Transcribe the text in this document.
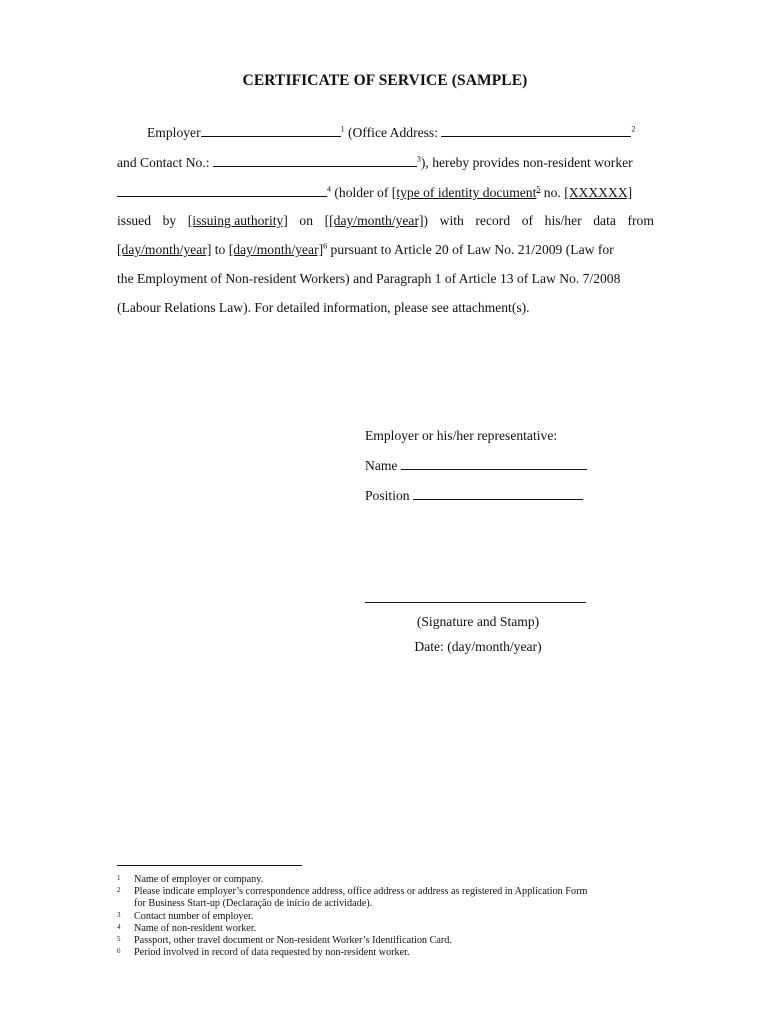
CERTIFICATE OF SERVICE (SAMPLE)
Employer	$^1$ (Office Address:	$^2$
and Contact No.:	$^3$), hereby provides non-resident worker
$^4$ (holder of [type of identity document$^5$ no. [XXXXXX]
issued by [issuing authority] on [[day/month/year]) with record of his/her data from
[day/month/year] to [day/month/year]$^6$ pursuant to Article 20 of Law No. 21/2009 (Law for
the Employment of Non-resident Workers) and Paragraph 1 of Article 13 of Law No. 7/2008
(Labour Relations Law). For detailed information, please see attachment(s).
Employer or his/her representative:
Name
Position
(Signature and Stamp)
Date: (day/month/year)
1	Name of employer or company.
2	Please indicate employer’s correspondence address, office address or address as registered in Application Form
for Business Start-up (Declaração de início de actividade).
3	Contact number of employer.
4	Name of non-resident worker.
5	Passport, other travel document or Non-resident Worker’s Identification Card.
6	Period involved in record of data requested by non-resident worker.
